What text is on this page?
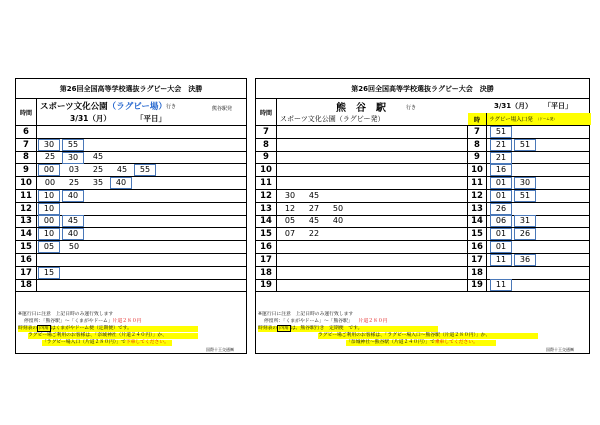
第26回全国高等学校選抜ラグビー大会　決勝
時間
スポーツ文化公園（ラグビー場） 行き	熊谷駅発
3/31（月）	「平日」
6
7	30	55
8	25	30	45
9	00	03	25	45	55
10	00	25	35	40
11	10	40
12	10
13	00	45
14	10	40
15	05	50
16
17	15
18
※運行日に注意　上記日時のみ運行致します
停留所：「熊谷駅」～「くまがやドーム」片道２８０円
時刻表の 四角 はくまがやドーム便（定期便）です。
ラグビー場ご利用のお客様は、「奈城神社（片道２４０円）」か、
「ラグビー場入口（片道２８０円）」で下車してください。
国際十王交通㈱
第26回全国高等学校選抜ラグビー大会　決勝
時間	熊　谷　駅	行き	3/31（月） 「平日」
スポーツ文化公園（ラグビー発）	時	ラグビー場入口発 （ドーム発）
7	7	51
8	8	21	51
9	9	21
10	10	16
11	11	01	30
12	30	45	12	01	51
13	12	27	50	13	26
14	05	45	40	14	06	31
15	07	22	15	01	26
16	16	01
17	17	11	36
18	18
19	19	11
※運行日に注意　上記日時のみ運行致します
停留所：「くまがやドーム」～「熊谷駅」 片道２８０円
時刻表の 四角 は、熊谷駅行き　定期便　です。
ラグビー場ご利用のお客様は、「ラグビー場入口～熊谷駅（片道２８０円）」か、
「奈城神社～熊谷駅（片道２４０円）」で乗車してください。
国際十王交通㈱
